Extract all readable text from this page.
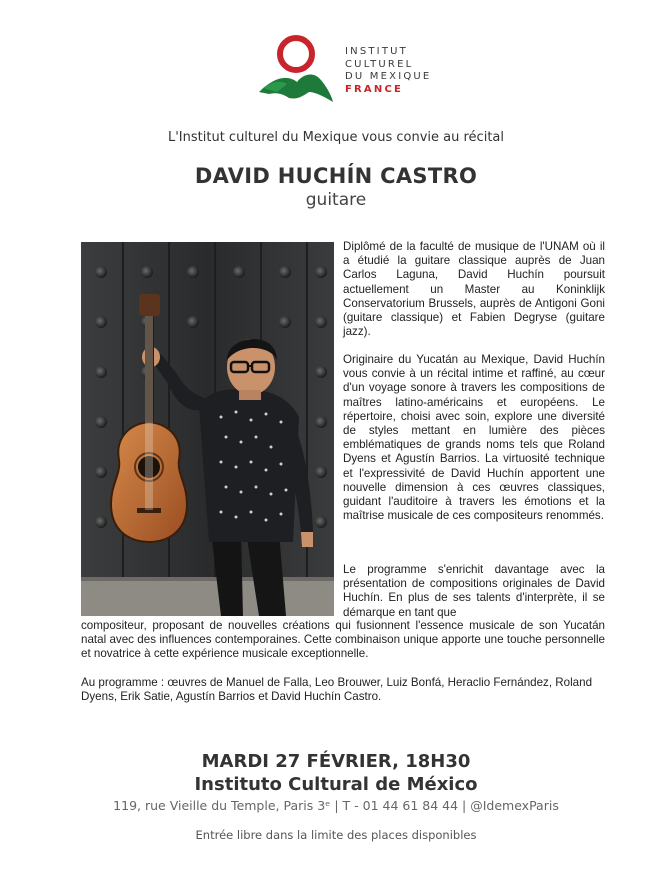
INSTITUT
CULTUREL
DU MEXIQUE
FRANCE
L'Institut culturel du Mexique vous convie au récital
DAVID HUCHÍN CASTRO
guitare
Diplômé de la faculté de musique de l'UNAM où il a étudié la guitare classique auprès de Juan Carlos Laguna, David Huchín poursuit actuellement un Master au Koninklijk Conservatorium Brussels, auprès de Antigoni Goni (guitare classique) et Fabien Degryse (guitare jazz).
Originaire du Yucatán au Mexique, David Huchín vous convie à un récital intime et raffiné, au cœur d'un voyage sonore à travers les compositions de maîtres latino-américains et européens. Le répertoire, choisi avec soin, explore une diversité de styles mettant en lumière des pièces emblématiques de grands noms tels que Roland Dyens et Agustín Barrios. La virtuosité technique et l'expressivité de David Huchín apportent une nouvelle dimension à ces œuvres classiques, guidant l'auditoire à travers les émotions et la maîtrise musicale de ces compositeurs renommés.
Le programme s'enrichit davantage avec la présentation de compositions originales de David Huchín. En plus de ses talents d'interprète, il se démarque en tant que
compositeur, proposant de nouvelles créations qui fusionnent l'essence musicale de son Yucatán natal avec des influences contemporaines. Cette combinaison unique apporte une touche personnelle et novatrice à cette expérience musicale exceptionnelle.
Au programme : œuvres de Manuel de Falla, Leo Brouwer, Luiz Bonfá, Heraclio Fernández, Roland Dyens, Erik Satie, Agustín Barrios et David Huchín Castro.
MARDI 27 FÉVRIER, 18H30
Instituto Cultural de México
119, rue Vieille du Temple, Paris 3ᵉ | T - 01 44 61 84 44 | @IdemexParis
Entrée libre dans la limite des places disponibles
